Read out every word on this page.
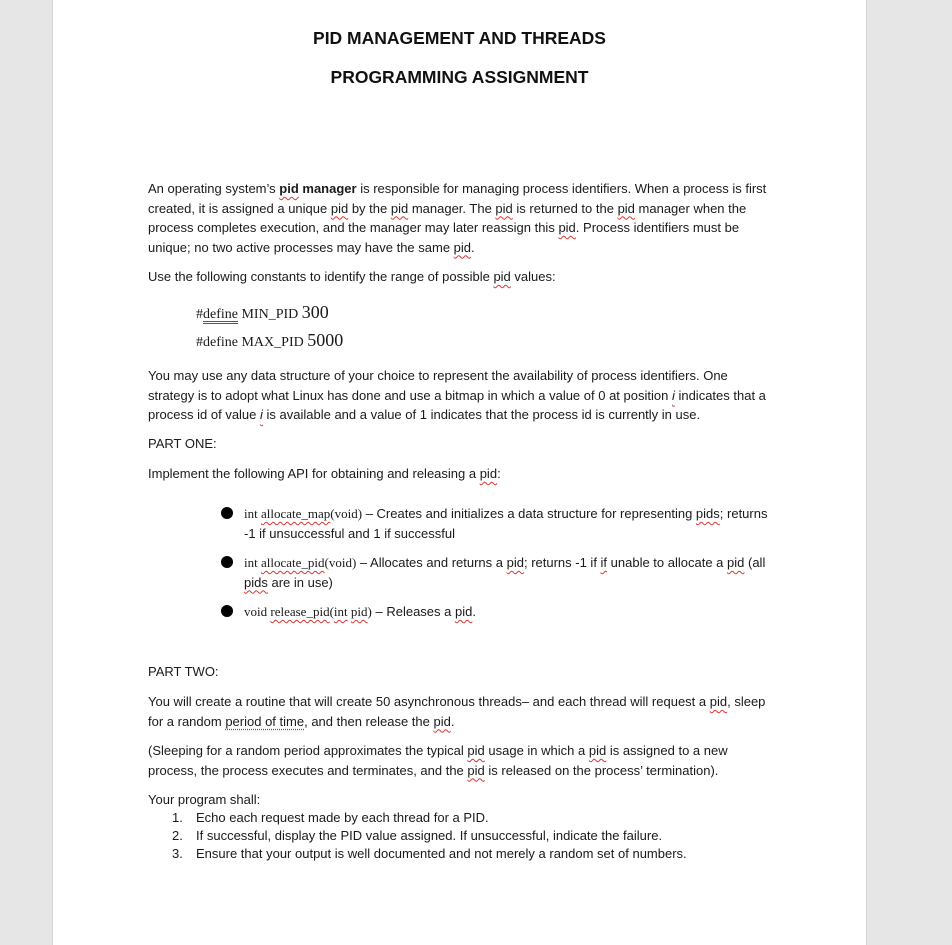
PID MANAGEMENT AND THREADS
PROGRAMMING ASSIGNMENT

An operating system’s pid manager is responsible for managing process identifiers. When a process is first created, it is assigned a unique pid by the pid manager. The pid is returned to the pid manager when the process completes execution, and the manager may later reassign this pid. Process identifiers must be unique; no two active processes may have the same pid.

Use the following constants to identify the range of possible pid values:

#define MIN_PID 300
#define MAX_PID 5000

You may use any data structure of your choice to represent the availability of process identifiers. One strategy is to adopt what Linux has done and use a bitmap in which a value of 0 at position i indicates that a process id of value i is available and a value of 1 indicates that the process id is currently in use.

PART ONE:

Implement the following API for obtaining and releasing a pid:

int allocate_map(void) – Creates and initializes a data structure for representing pids; returns -1 if unsuccessful and 1 if successful
int allocate_pid(void) – Allocates and returns a pid; returns -1 if if unable to allocate a pid (all pids are in use)
void release_pid(int pid) – Releases a pid.
PART TWO:

You will create a routine that will create 50 asynchronous threads– and each thread will request a pid, sleep for a random period of time, and then release the pid.

(Sleeping for a random period approximates the typical pid usage in which a pid is assigned to a new process, the process executes and terminates, and the pid is released on the process’ termination).

Your program shall:
1. Echo each request made by each thread for a PID.
2. If successful, display the PID value assigned. If unsuccessful, indicate the failure.
3. Ensure that your output is well documented and not merely a random set of numbers.
